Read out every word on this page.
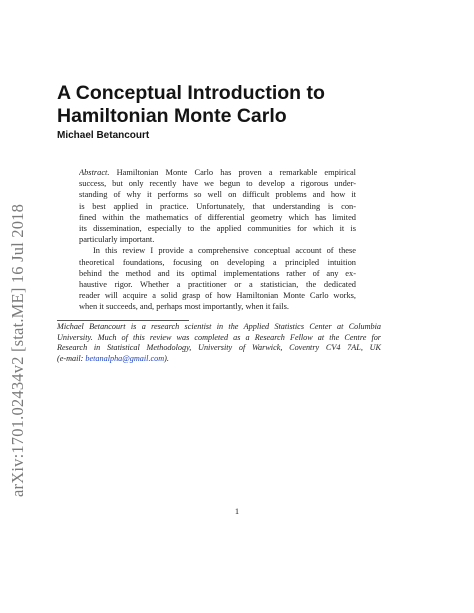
arXiv:1701.02434v2 [stat.ME] 16 Jul 2018
A Conceptual Introduction to
Hamiltonian Monte Carlo
Michael Betancourt
Abstract. Hamiltonian Monte Carlo has proven a remarkable empirical
success, but only recently have we begun to develop a rigorous under-
standing of why it performs so well on difficult problems and how it
is best applied in practice. Unfortunately, that understanding is con-
fined within the mathematics of differential geometry which has limited
its dissemination, especially to the applied communities for which it is
particularly important.
In this review I provide a comprehensive conceptual account of these
theoretical foundations, focusing on developing a principled intuition
behind the method and its optimal implementations rather of any ex-
haustive rigor. Whether a practitioner or a statistician, the dedicated
reader will acquire a solid grasp of how Hamiltonian Monte Carlo works,
when it succeeds, and, perhaps most importantly, when it fails.
Michael Betancourt is a research scientist in the Applied Statistics Center at Columbia
University. Much of this review was completed as a Research Fellow at the Centre for
Research in Statistical Methodology, University of Warwick, Coventry CV4 7AL, UK
(e-mail: betanalpha@gmail.com).
1
